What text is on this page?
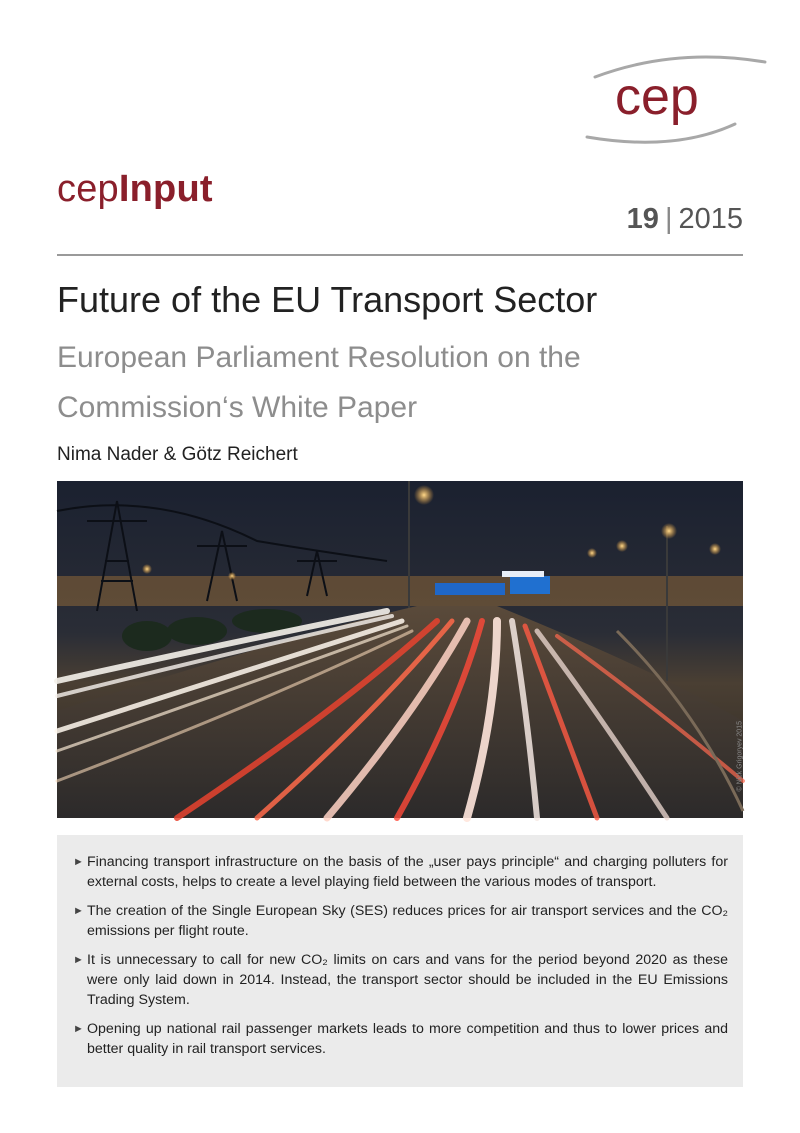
cep
cepInput
19 | 2015
Future of the EU Transport Sector
European Parliament Resolution on the Commission‘s White Paper
Nima Nader & Götz Reichert
© Nick Grigoryev 2015
► Financing transport infrastructure on the basis of the „user pays principle“ and charging polluters for external costs, helps to create a level playing field between the various modes of transport.
► The creation of the Single European Sky (SES) reduces prices for air transport services and the CO₂ emissions per flight route.
► It is unnecessary to call for new CO₂ limits on cars and vans for the period beyond 2020 as these were only laid down in 2014. Instead, the transport sector should be included in the EU Emissions Trading System.
► Opening up national rail passenger markets leads to more competition and thus to lower prices and better quality in rail transport services.
